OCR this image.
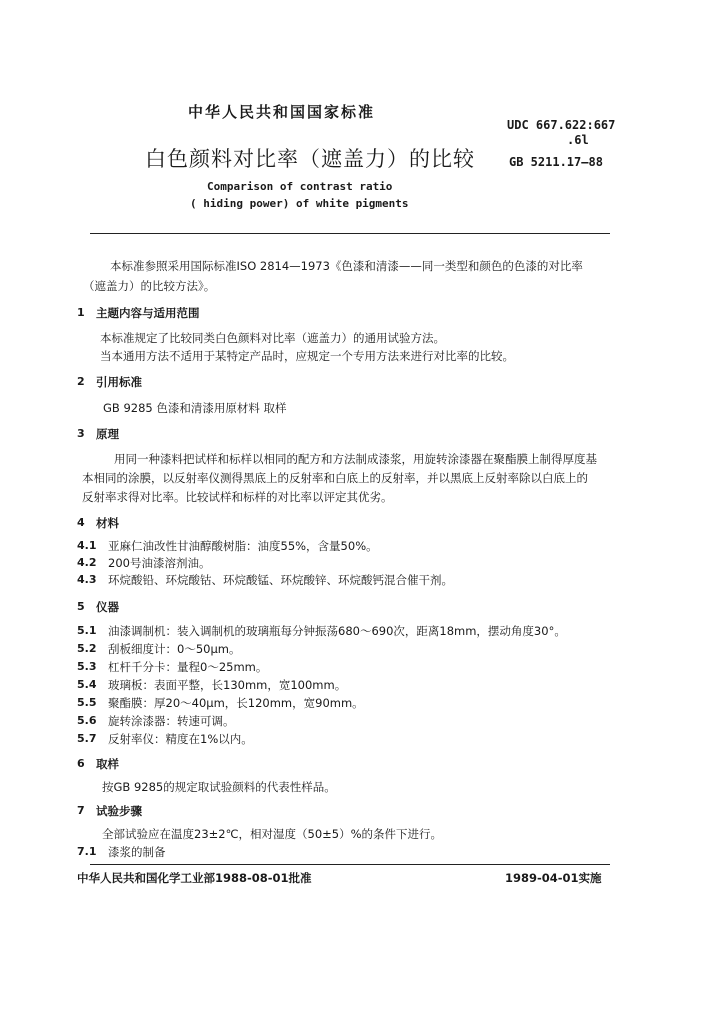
中华人民共和国国家标准
UDC 667.622:667
.6l
白色颜料对比率（遮盖力）的比较	GB 5211.17—88
Comparison of contrast ratio
( hiding power) of white pigments
本标准参照采用国际标准ISO 2814—1973《色漆和清漆——同一类型和颜色的色漆的对比率
（遮盖力）的比较方法》。
1 主题内容与适用范围
本标准规定了比较同类白色颜料对比率（遮盖力）的通用试验方法。
当本通用方法不适用于某特定产品时，应规定一个专用方法来进行对比率的比较。
2 引用标准
GB 9285 色漆和清漆用原材料 取样
3 原理
用同一种漆料把试样和标样以相同的配方和方法制成漆浆，用旋转涂漆器在聚酯膜上制得厚度基
本相同的涂膜，以反射率仪测得黑底上的反射率和白底上的反射率，并以黑底上反射率除以白底上的
反射率求得对比率。比较试样和标样的对比率以评定其优劣。
4 材料
4.1 亚麻仁油改性甘油醇酸树脂：油度55%，含量50%。
4.2 200号油漆溶剂油。
4.3 环烷酸铅、环烷酸钴、环烷酸锰、环烷酸锌、环烷酸钙混合催干剂。
5 仪器
5.1 油漆调制机：装入调制机的玻璃瓶每分钟振荡680～690次，距离18mm，摆动角度30°。
5.2 刮板细度计：0～50μm。
5.3 杠杆千分卡：量程0～25mm。
5.4 玻璃板：表面平整，长130mm，宽100mm。
5.5 聚酯膜：厚20～40μm，长120mm，宽90mm。
5.6 旋转涂漆器：转速可调。
5.7 反射率仪：精度在1%以内。
6 取样
按GB 9285的规定取试验颜料的代表性样品。
7 试验步骤
全部试验应在温度23±2℃，相对湿度（50±5）%的条件下进行。
7.1 漆浆的制备
中华人民共和国化学工业部1988-08-01批准	1989-04-01实施
